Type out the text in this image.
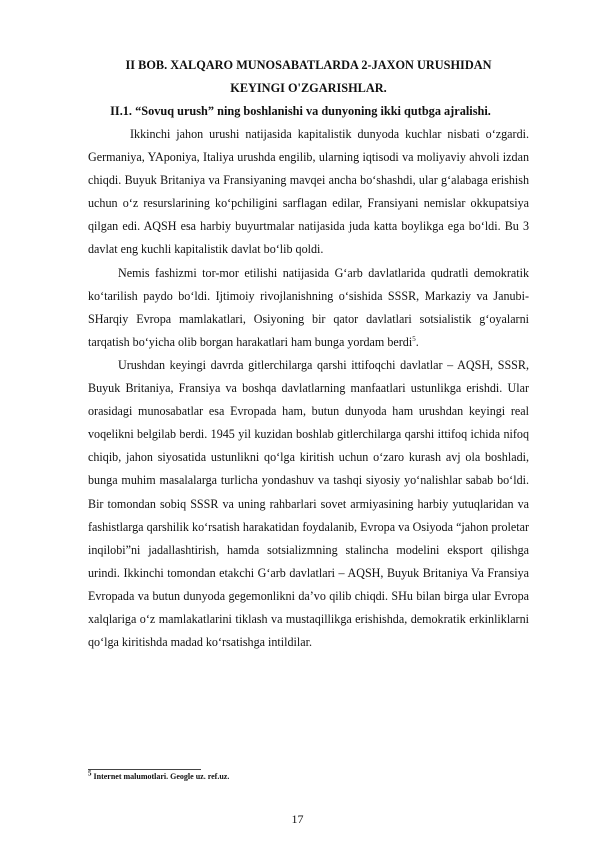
II BOB. XALQARO MUNOSABATLARDA 2-JAXON URUSHIDAN KEYINGI O'ZGARISHLAR.
II.1. “Sovuq urush” ning boshlanishi va dunyoning ikki qutbga ajralishi.

Ikkinchi jahon urushi natijasida kapitalistik dunyoda kuchlar nisbati o‘zgardi. Germaniya, YAponiya, Italiya urushda engilib, ularning iqtisodi va moliyaviy ahvoli izdan chiqdi. Buyuk Britaniya va Fransiyaning mavqei ancha bo‘shashdi, ular g‘alabaga erishish uchun o‘z resurslarining ko‘pchiligini sarflagan edilar, Fransiyani nemislar okkupatsiya qilgan edi. AQSH esa harbiy buyurtmalar natijasida juda katta boylikga ega bo‘ldi. Bu 3 davlat eng kuchli kapitalistik davlat bo‘lib qoldi.

Nemis fashizmi tor-mor etilishi natijasida G‘arb davlatlarida qudratli demokratik ko‘tarilish paydo bo‘ldi. Ijtimoiy rivojlanishning o‘sishida SSSR, Markaziy va Janubi-SHarqiy Evropa mamlakatlari, Osiyoning bir qator davlatlari sotsialistik g‘oyalarni tarqatish bo‘yicha olib borgan harakatlari ham bunga yordam berdi$^5$.

Urushdan keyingi davrda gitlerchilarga qarshi ittifoqchi davlatlar – AQSH, SSSR, Buyuk Britaniya, Fransiya va boshqa davlatlarning manfaatlari ustunlikga erishdi. Ular orasidagi munosabatlar esa Evropada ham, butun dunyoda ham urushdan keyingi real voqelikni belgilab berdi. 1945 yil kuzidan boshlab gitlerchilarga qarshi ittifoq ichida nifoq chiqib, jahon siyosatida ustunlikni qo‘lga kiritish uchun o‘zaro kurash avj ola boshladi, bunga muhim masalalarga turlicha yondashuv va tashqi siyosiy yo‘nalishlar sabab bo‘ldi. Bir tomondan sobiq SSSR va uning rahbarlari sovet armiyasining harbiy yutuqlaridan va fashistlarga qarshilik ko‘rsatish harakatidan foydalanib, Evropa va Osiyoda “jahon proletar inqilobi”ni jadallashtirish, hamda sotsializmning stalincha modelini eksport qilishga urindi. Ikkinchi tomondan etakchi G‘arb davlatlari – AQSH, Buyuk Britaniya Va Fransiya Evropada va butun dunyoda gegemonlikni da’vo qilib chiqdi. SHu bilan birga ular Evropa xalqlariga o‘z mamlakatlarini tiklash va mustaqillikga erishishda, demokratik erkinliklarni qo‘lga kiritishda madad ko‘rsatishga intildilar.

$^5$ Internet malumotlari. Geogle uz. ref.uz.
17
